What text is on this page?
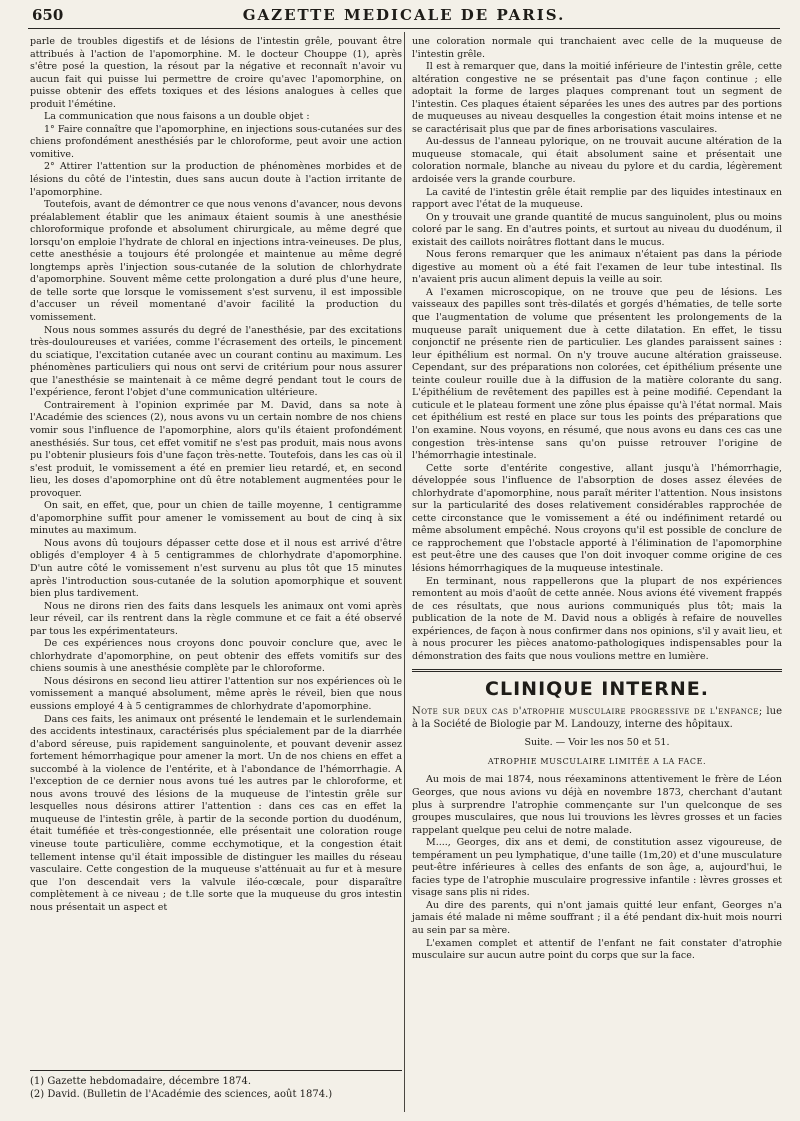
650	GAZETTE MEDICALE DE PARIS.

parle de troubles digestifs et de lésions de l'intestin grêle, pouvant être attribués à l'action de l'apomorphine. M. le docteur Chouppe (1), après s'être posé la question, la résout par la négative et reconnaît n'avoir vu aucun fait qui puisse lui permettre de croire qu'avec l'apomorphine, on puisse obtenir des effets toxiques et des lésions analogues à celles que produit l'émétine.

La communication que nous faisons a un double objet :

1° Faire connaître que l'apomorphine, en injections sous-cutanées sur des chiens profondément anesthésiés par le chloroforme, peut avoir une action vomitive.

2° Attirer l'attention sur la production de phénomènes morbides et de lésions du côté de l'intestin, dues sans aucun doute à l'action irritante de l'apomorphine.

Toutefois, avant de démontrer ce que nous venons d'avancer, nous devons préalablement établir que les animaux étaient soumis à une anesthésie chloroformique profonde et absolument chirurgicale, au même degré que lorsqu'on emploie l'hydrate de chloral en injections intra-veineuses. De plus, cette anesthésie a toujours été prolongée et maintenue au même degré longtemps après l'injection sous-cutanée de la solution de chlorhydrate d'apomorphine. Souvent même cette prolongation a duré plus d'une heure, de telle sorte que lorsque le vomissement s'est survenu, il est impossible d'accuser un réveil momentané d'avoir facilité la production du vomissement.

Nous nous sommes assurés du degré de l'anesthésie, par des excitations très-douloureuses et variées, comme l'écrasement des orteils, le pincement du sciatique, l'excitation cutanée avec un courant continu au maximum. Les phénomènes particuliers qui nous ont servi de critérium pour nous assurer que l'anesthésie se maintenait à ce même degré pendant tout le cours de l'expérience, feront l'objet d'une communication ultérieure.

Contrairement à l'opinion exprimée par M. David, dans sa note à l'Académie des sciences (2), nous avons vu un certain nombre de nos chiens vomir sous l'influence de l'apomorphine, alors qu'ils étaient profondément anesthésiés. Sur tous, cet effet vomitif ne s'est pas produit, mais nous avons pu l'obtenir plusieurs fois d'une façon très-nette. Toutefois, dans les cas où il s'est produit, le vomissement a été en premier lieu retardé, et, en second lieu, les doses d'apomorphine ont dû être notablement augmentées pour le provoquer.

On sait, en effet, que, pour un chien de taille moyenne, 1 centigramme d'apomorphine suffit pour amener le vomissement au bout de cinq à six minutes au maximum.

Nous avons dû toujours dépasser cette dose et il nous est arrivé d'être obligés d'employer 4 à 5 centigrammes de chlorhydrate d'apomorphine. D'un autre côté le vomissement n'est survenu au plus tôt que 15 minutes après l'introduction sous-cutanée de la solution apomorphique et souvent bien plus tardivement.

Nous ne dirons rien des faits dans lesquels les animaux ont vomi après leur réveil, car ils rentrent dans la règle commune et ce fait a été observé par tous les expérimentateurs.

De ces expériences nous croyons donc pouvoir conclure que, avec le chlorhydrate d'apomorphine, on peut obtenir des effets vomitifs sur des chiens soumis à une anesthésie complète par le chloroforme.

Nous désirons en second lieu attirer l'attention sur nos expériences où le vomissement a manqué absolument, même après le réveil, bien que nous eussions employé 4 à 5 centigrammes de chlorhydrate d'apomorphine.

Dans ces faits, les animaux ont présenté le lendemain et le surlendemain des accidents intestinaux, caractérisés plus spécialement par de la diarrhée d'abord séreuse, puis rapidement sanguinolente, et pouvant devenir assez fortement hémorrhagique pour amener la mort. Un de nos chiens en effet a succombé à la violence de l'entérite, et à l'abondance de l'hémorrhagie. A l'exception de ce dernier nous avons tué les autres par le chloroforme, et nous avons trouvé des lésions de la muqueuse de l'intestin grêle sur lesquelles nous désirons attirer l'attention : dans ces cas en effet la muqueuse de l'intestin grêle, à partir de la seconde portion du duodénum, était tuméfiée et très-congestionnée, elle présentait une coloration rouge vineuse toute particulière, comme ecchymotique, et la congestion était tellement intense qu'il était impossible de distinguer les mailles du réseau vasculaire. Cette congestion de la muqueuse s'atténuait au fur et à mesure que l'on descendait vers la valvule iléo-cœcale, pour disparaître complètement à ce niveau ; de t.lle sorte que la muqueuse du gros intestin nous présentait un aspect et

(1) Gazette hebdomadaire, décembre 1874.
(2) David. (Bulletin de l'Académie des sciences, août 1874.)

une coloration normale qui tranchaient avec celle de la muqueuse de l'intestin grêle.

Il est à remarquer que, dans la moitié inférieure de l'intestin grêle, cette altération congestive ne se présentait pas d'une façon continue ; elle adoptait la forme de larges plaques comprenant tout un segment de l'intestin. Ces plaques étaient séparées les unes des autres par des portions de muqueuses au niveau desquelles la congestion était moins intense et ne se caractérisait plus que par de fines arborisations vasculaires.

Au-dessus de l'anneau pylorique, on ne trouvait aucune altération de la muqueuse stomacale, qui était absolument saine et présentait une coloration normale, blanche au niveau du pylore et du cardia, légèrement ardoisée vers la grande courbure.

La cavité de l'intestin grêle était remplie par des liquides intestinaux en rapport avec l'état de la muqueuse.

On y trouvait une grande quantité de mucus sanguinolent, plus ou moins coloré par le sang. En d'autres points, et surtout au niveau du duodénum, il existait des caillots noirâtres flottant dans le mucus.

Nous ferons remarquer que les animaux n'étaient pas dans la période digestive au moment où a été fait l'examen de leur tube intestinal. Ils n'avaient pris aucun aliment depuis la veille au soir.

A l'examen microscopique, on ne trouve que peu de lésions. Les vaisseaux des papilles sont très-dilatés et gorgés d'hématies, de telle sorte que l'augmentation de volume que présentent les prolongements de la muqueuse paraît uniquement due à cette dilatation. En effet, le tissu conjonctif ne présente rien de particulier. Les glandes paraissent saines : leur épithélium est normal. On n'y trouve aucune altération graisseuse. Cependant, sur des préparations non colorées, cet épithélium présente une teinte couleur rouille due à la diffusion de la matière colorante du sang. L'épithélium de revêtement des papilles est à peine modifié. Cependant la cuticule et le plateau forment une zône plus épaisse qu'à l'état normal. Mais cet épithélium est resté en place sur tous les points des préparations que l'on examine. Nous voyons, en résumé, que nous avons eu dans ces cas une congestion très-intense sans qu'on puisse retrouver l'origine de l'hémorrhagie intestinale.

Cette sorte d'entérite congestive, allant jusqu'à l'hémorrhagie, développée sous l'influence de l'absorption de doses assez élevées de chlorhydrate d'apomorphine, nous paraît mériter l'attention. Nous insistons sur la particularité des doses relativement considérables rapprochée de cette circonstance que le vomissement a été ou indéfiniment retardé ou même absolument empêché. Nous croyons qu'il est possible de conclure de ce rapprochement que l'obstacle apporté à l'élimination de l'apomorphine est peut-être une des causes que l'on doit invoquer comme origine de ces lésions hémorrhagiques de la muqueuse intestinale.

En terminant, nous rappellerons que la plupart de nos expériences remontent au mois d'août de cette année. Nous avions été vivement frappés de ces résultats, que nous aurions communiqués plus tôt; mais la publication de la note de M. David nous a obligés à refaire de nouvelles expériences, de façon à nous confirmer dans nos opinions, s'il y avait lieu, et à nous procurer les pièces anatomo-pathologiques indispensables pour la démonstration des faits que nous voulions mettre en lumière.

CLINIQUE INTERNE.

Note sur deux cas d'atrophie musculaire progressive de l'enfance; lue à la Société de Biologie par M. Landouzy, interne des hôpitaux.

Suite. — Voir les nos 50 et 51.
ATROPHIE MUSCULAIRE LIMITÉE A LA FACE.

Au mois de mai 1874, nous réexaminons attentivement le frère de Léon Georges, que nous avions vu déjà en novembre 1873, cherchant d'autant plus à surprendre l'atrophie commençante sur l'un quelconque de ses groupes musculaires, que nous lui trouvions les lèvres grosses et un facies rappelant quelque peu celui de notre malade.

M...., Georges, dix ans et demi, de constitution assez vigoureuse, de tempérament un peu lymphatique, d'une taille (1m,20) et d'une musculature peut-être inférieures à celles des enfants de son âge, a, aujourd'hui, le facies type de l'atrophie musculaire progressive infantile : lèvres grosses et visage sans plis ni rides.

Au dire des parents, qui n'ont jamais quitté leur enfant, Georges n'a jamais été malade ni même souffrant ; il a été pendant dix-huit mois nourri au sein par sa mère.

L'examen complet et attentif de l'enfant ne fait constater d'atrophie musculaire sur aucun autre point du corps que sur la face.
